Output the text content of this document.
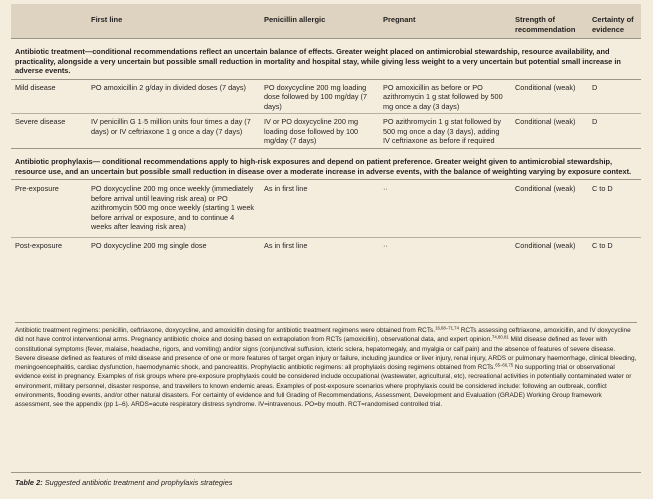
	First line	Penicillin allergic	Pregnant	Strength of recommendation	Certainty of evidence
Antibiotic treatment—conditional recommendations reflect an uncertain balance of effects. Greater weight placed on antimicrobial stewardship, resource availability, and practicality, alongside a very uncertain but possible small reduction in mortality and hospital stay, while giving less weight to a very uncertain but potential small increase in adverse events.					
Mild disease	PO amoxicillin 2 g/day in divided doses (7 days)	PO doxycycline 200 mg loading dose followed by 100 mg/day (7 days)	PO amoxicillin as before or PO azithromycin 1 g stat followed by 500 mg once a day (3 days)	Conditional (weak)	D
Severe disease	IV penicillin G 1·5 million units four times a day (7 days) or IV ceftriaxone 1 g once a day (7 days)	IV or PO doxycycline 200 mg loading dose followed by 100 mg/day (7 days)	PO azithromycin 1 g stat followed by 500 mg once a day (3 days), adding IV ceftriaxone as before if required	Conditional (weak)	D
Antibiotic prophylaxis— conditional recommendations apply to high-risk exposures and depend on patient preference. Greater weight given to antimicrobial stewardship, resource use, and an uncertain but possible small reduction in disease over a moderate increase in adverse events, with the balance of weighting varying by exposure context.					
Pre-exposure	PO doxycycline 200 mg once weekly (immediately before arrival until leaving risk area) or PO azithromycin 500 mg once weekly (starting 1 week before arrival or exposure, and to continue 4 weeks after leaving risk area)	As in first line	··	Conditional (weak)	C to D
Post-exposure	PO doxycycline 200 mg single dose	As in first line	··	Conditional (weak)	C to D
Antibiotic treatment regimens: penicillin, ceftriaxone, doxycycline, and amoxicillin dosing for antibiotic treatment regimens were obtained from RCTs.$^{16,68-71,74}$ RCTs assessing ceftriaxone, amoxicillin, and IV doxycycline did not have control interventional arms. Pregnancy antibiotic choice and dosing based on extrapolation from RCTs (amoxicillin), observational data, and expert opinion.$^{74,80,81}$ Mild disease defined as fever with constitutional symptoms (fever, malaise, headache, rigors, and vomiting) and/or signs (conjunctival suffusion, icteric sclera, hepatomegaly, and myalgia or calf pain) and the absence of features of severe disease. Severe disease defined as features of mild disease and presence of one or more features of target organ injury or failure, including jaundice or liver injury, renal injury, ARDS or pulmonary haemorrhage, clinical bleeding, meningoencephalitis, cardiac dysfunction, haemodynamic shock, and pancreatitis. Prophylactic antibiotic regimens: all prophylaxis dosing regimens obtained from RCTs.$^{65-66,75}$ No supporting trial or observational evidence exist in pregnancy. Examples of risk groups where pre-exposure prophylaxis could be considered include occupational (wastewater, agricultural, etc), recreational activities in potentially contaminated water or environment, military personnel, disaster response, and travellers to known endemic areas. Examples of post-exposure scenarios where prophylaxis could be considered include: following an outbreak, conflict environments, flooding events, and/or other natural disasters. For certainty of evidence and full Grading of Recommendations, Assessment, Development and Evaluation (GRADE) Working Group framework assessment, see the appendix (pp 1–6). ARDS=acute respiratory distress syndrome. IV=intravenous. PO=by mouth. RCT=randomised controlled trial.
Table 2: Suggested antibiotic treatment and prophylaxis strategies
